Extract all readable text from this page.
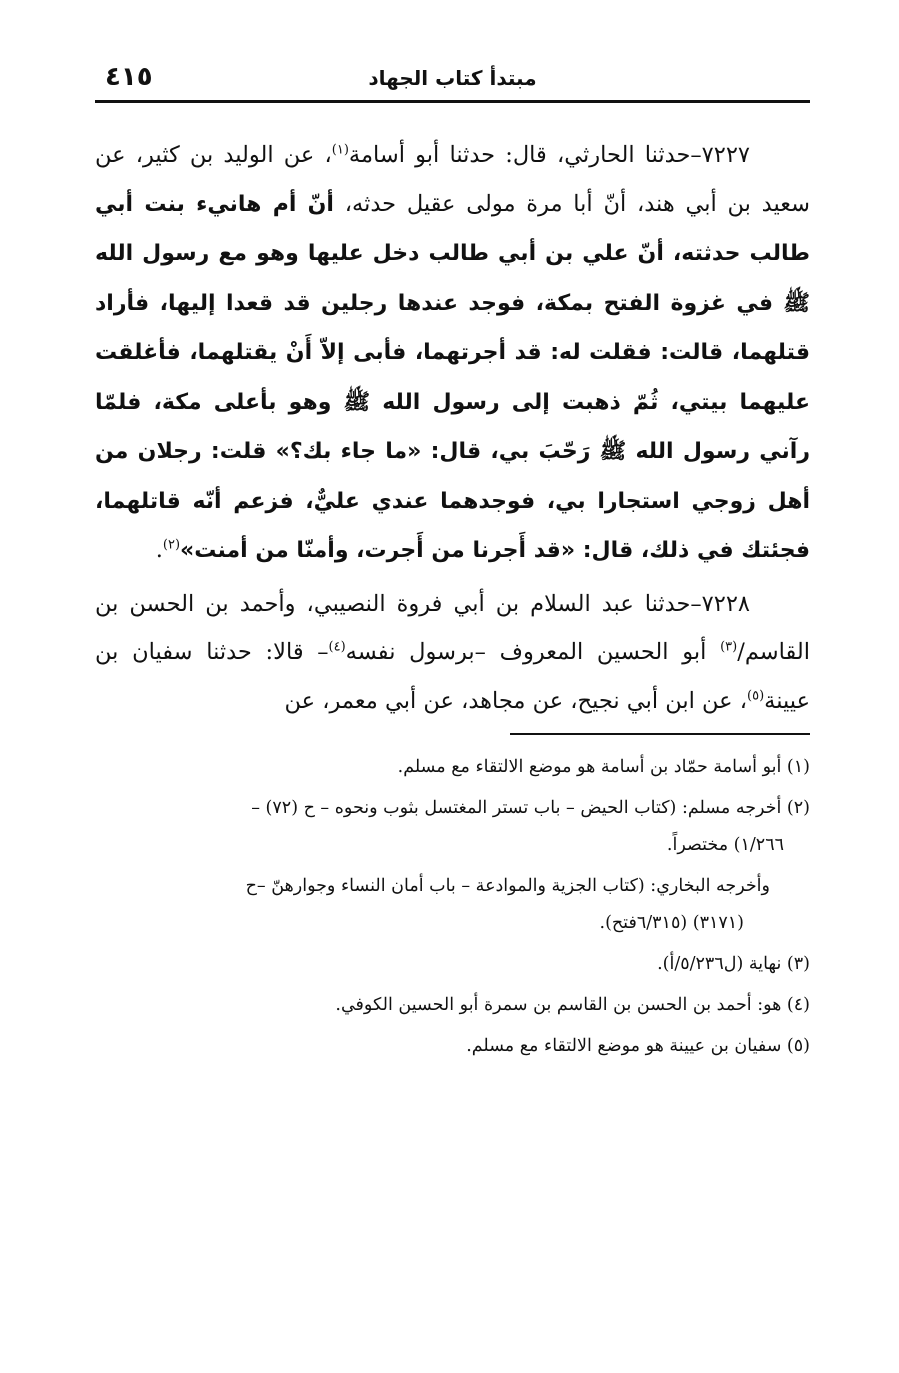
مبتدأ كتاب الجهاد
٤١٥

٧٢٢٧–حدثنا الحارثي، قال: حدثنا أبو أسامة$^{(١)}$، عن الوليد بن كثير، عن سعيد بن أبي هند، أنّ أبا مرة مولى عقيل حدثه، أنّ أم هانيء بنت أبي طالب حدثته، أنّ علي بن أبي طالب دخل عليها وهو مع رسول الله ﷺ في غزوة الفتح بمكة، فوجد عندها رجلين قد قعدا إليها، فأراد قتلهما، قالت: فقلت له: قد أجرتهما، فأبى إلاّ أَنْ يقتلهما، فأغلقت عليهما بيتي، ثُمّ ذهبت إلى رسول الله ﷺ وهو بأعلى مكة، فلمّا رآني رسول الله ﷺ رَحّبَ بي، قال: «ما جاء بك؟» قلت: رجلان من أهل زوجي استجارا بي، فوجدهما عندي عليٌّ، فزعم أنّه قاتلهما، فجئتك في ذلك، قال: «قد أَجرنا من أَجرت، وأمنّا من أمنت»$^{(٢)}$.

٧٢٢٨–حدثنا عبد السلام بن أبي فروة النصيبي، وأحمد بن الحسن بن القاسم/$^{(٣)}$ أبو الحسين المعروف –برسول نفسه$^{(٤)}$– قالا: حدثنا سفيان بن عيينة$^{(٥)}$، عن ابن أبي نجيح، عن مجاهد، عن أبي معمر، عن

(١) أبو أسامة حمّاد بن أسامة هو موضع الالتقاء مع مسلم.
(٢) أخرجه مسلم: (كتاب الحيض – باب تستر المغتسل بثوب ونحوه – ح (٧٢) –
١/٢٦٦) مختصراً.
وأخرجه البخاري: (كتاب الجزية والموادعة – باب أمان النساء وجوارهنّ –ح
(٣١٧١) (٦/٣١٥فتح).
(٣) نهاية (ل٥/٢٣٦/أ).
(٤) هو: أحمد بن الحسن بن القاسم بن سمرة أبو الحسين الكوفي.
(٥) سفيان بن عيينة هو موضع الالتقاء مع مسلم.
